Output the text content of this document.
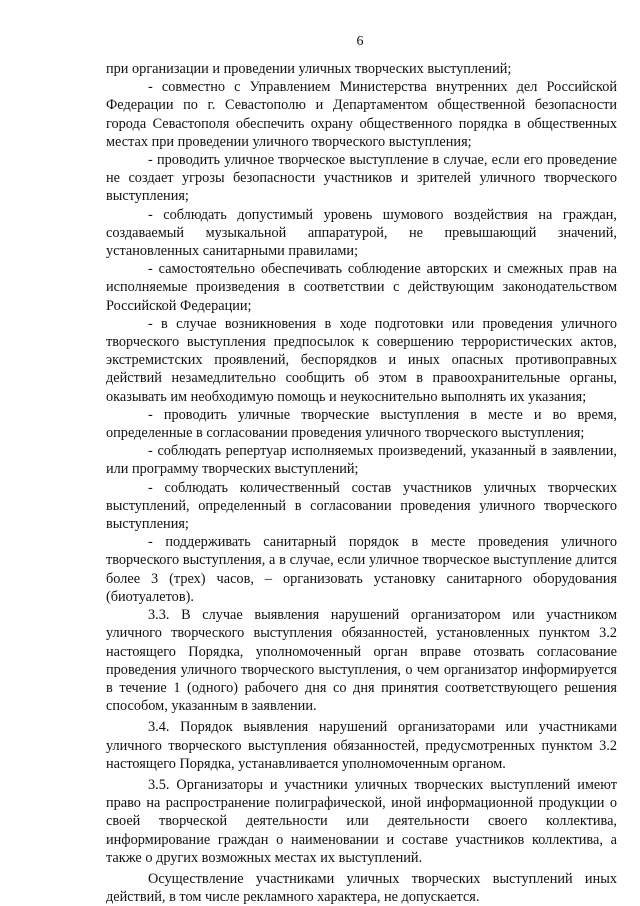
6

при организации и проведении уличных творческих выступлений;

- совместно с Управлением Министерства внутренних дел Российской Федерации по г. Севастополю и Департаментом общественной безопасности города Севастополя обеспечить охрану общественного порядка в общественных местах при проведении уличного творческого выступления;

- проводить уличное творческое выступление в случае, если его проведение не создает угрозы безопасности участников и зрителей уличного творческого выступления;

- соблюдать допустимый уровень шумового воздействия на граждан, создаваемый музыкальной аппаратурой, не превышающий значений, установленных санитарными правилами;

- самостоятельно обеспечивать соблюдение авторских и смежных прав на исполняемые произведения в соответствии с действующим законодательством Российской Федерации;

- в случае возникновения в ходе подготовки или проведения уличного творческого выступления предпосылок к совершению террористических актов, экстремистских проявлений, беспорядков и иных опасных противоправных действий незамедлительно сообщить об этом в правоохранительные органы, оказывать им необходимую помощь и неукоснительно выполнять их указания;

- проводить уличные творческие выступления в месте и во время, определенные в согласовании проведения уличного творческого выступления;

- соблюдать репертуар исполняемых произведений, указанный в заявлении, или программу творческих выступлений;

- соблюдать количественный состав участников уличных творческих выступлений, определенный в согласовании проведения уличного творческого выступления;

- поддерживать санитарный порядок в месте проведения уличного творческого выступления, а в случае, если уличное творческое выступление длится более 3 (трех) часов, – организовать установку санитарного оборудования (биотуалетов).

3.3. В случае выявления нарушений организатором или участником уличного творческого выступления обязанностей, установленных пунктом 3.2 настоящего Порядка, уполномоченный орган вправе отозвать согласование проведения уличного творческого выступления, о чем организатор информируется в течение 1 (одного) рабочего дня со дня принятия соответствующего решения способом, указанным в заявлении.

3.4. Порядок выявления нарушений организаторами или участниками уличного творческого выступления обязанностей, предусмотренных пунктом 3.2 настоящего Порядка, устанавливается уполномоченным органом.

3.5. Организаторы и участники уличных творческих выступлений имеют право на распространение полиграфической, иной информационной продукции о своей творческой деятельности или деятельности своего коллектива, информирование граждан о наименовании и составе участников коллектива, а также о других возможных местах их выступлений.

Осуществление участниками уличных творческих выступлений иных действий, в том числе рекламного характера, не допускается.
